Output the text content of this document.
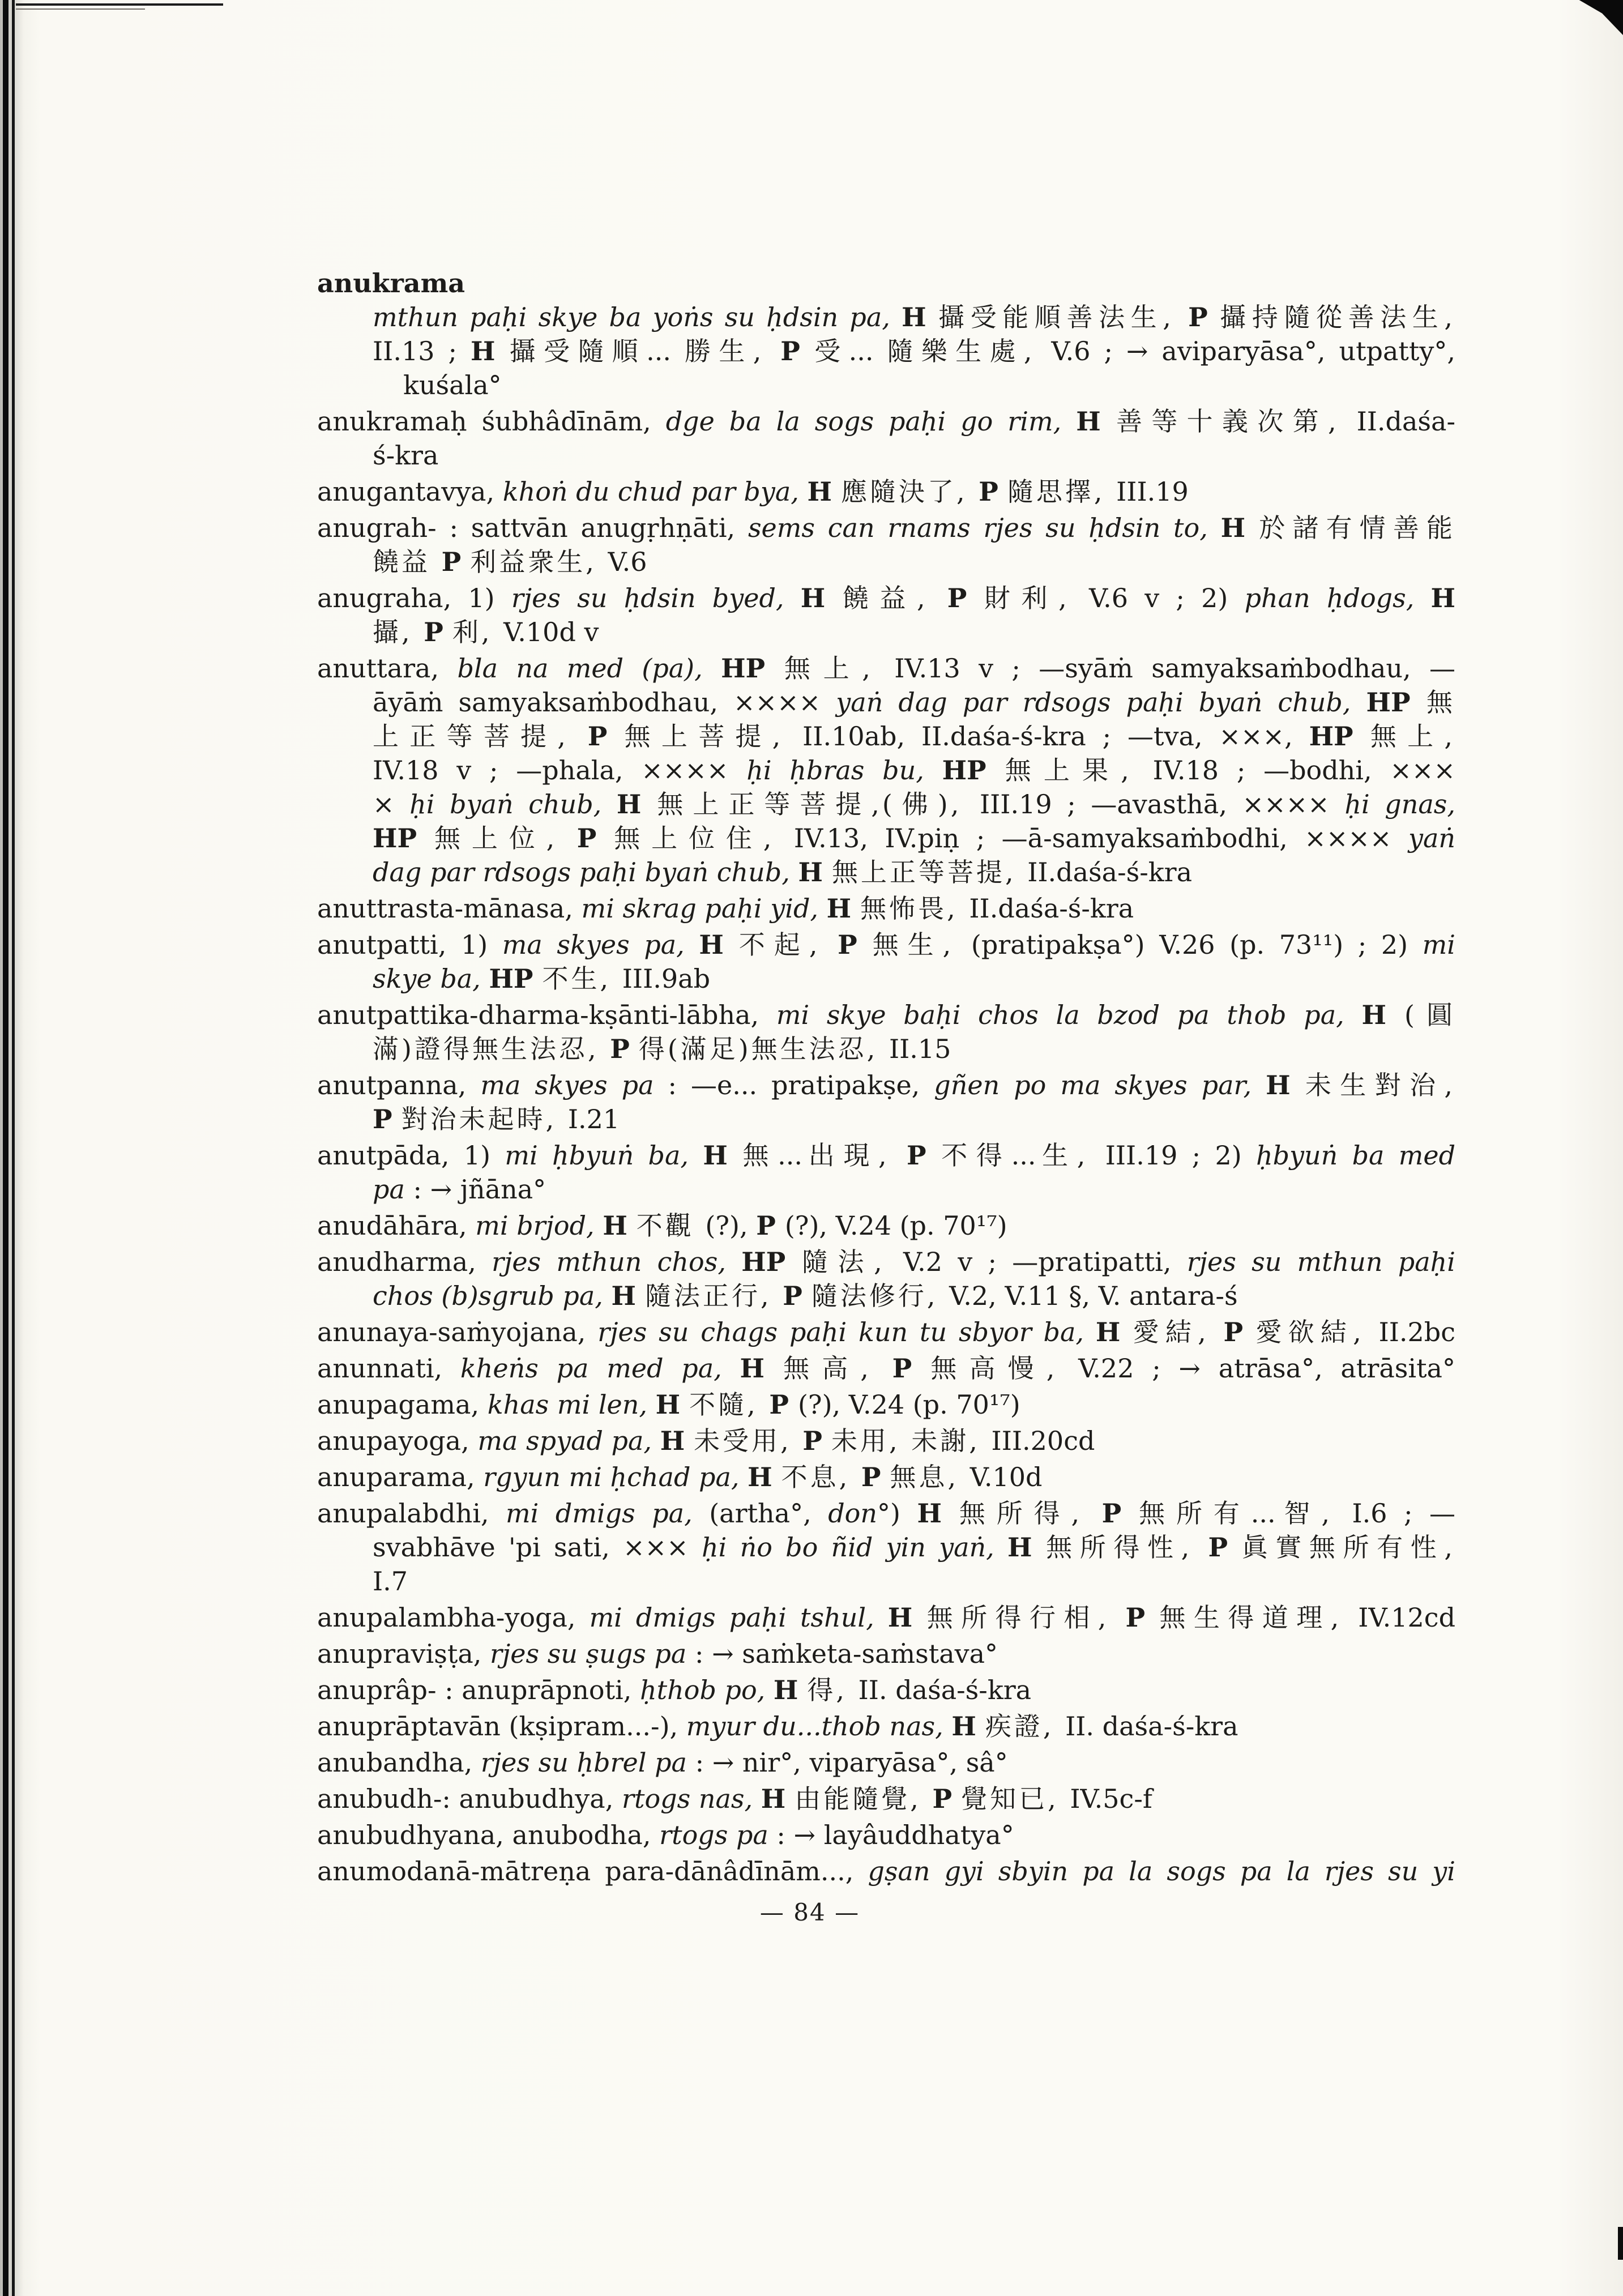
anukrama
mthun paḥi skye ba yoṅs su ḥdsin pa, H 攝受能順善法生, P 攝持隨從善法生,
II.13 ; H 攝受隨順... 勝生, P 受... 隨樂生處, V.6 ; → aviparyāsa°, utpatty°,
kuśala°
anukramaḥ śubhâdīnām, dge ba la sogs paḥi go rim, H 善等十義次第, II.daśa-
ś-kra
anugantavya, khoṅ du chud par bya, H 應隨決了, P 隨思擇, III.19
anugrah- : sattvān anugṛhṇāti, sems can rnams rjes su ḥdsin to, H 於諸有情善能
饒益 P 利益衆生, V.6
anugraha, 1) rjes su ḥdsin byed, H 饒益, P 財利, V.6 v ; 2) phan ḥdogs, H
攝, P 利, V.10d v
anuttara, bla na med (pa), HP 無上, IV.13 v ; —syāṁ samyaksaṁbodhau, —
āyāṁ samyaksaṁbodhau, ×××× yaṅ dag par rdsogs paḥi byaṅ chub, HP 無
上正等菩提, P 無上菩提, II.10ab, II.daśa-ś-kra ; —tva, ×××, HP 無上,
IV.18 v ; —phala, ×××× ḥi ḥbras bu, HP 無上果, IV.18 ; —bodhi, ×××
× ḥi byaṅ chub, H 無上正等菩提,(佛), III.19 ; —avasthā, ×××× ḥi gnas,
HP 無上位, P 無上位住, IV.13, IV.piṇ ; —ā-samyaksaṁbodhi, ×××× yaṅ
dag par rdsogs paḥi byaṅ chub, H 無上正等菩提, II.daśa-ś-kra
anuttrasta-mānasa, mi skrag paḥi yid, H 無怖畏, II.daśa-ś-kra
anutpatti, 1) ma skyes pa, H 不起, P 無生, (pratipakṣa°) V.26 (p. 73¹¹) ; 2) mi
skye ba, HP 不生, III.9ab
anutpattika-dharma-kṣānti-lābha, mi skye baḥi chos la bzod pa thob pa, H (圓
滿)證得無生法忍, P 得(滿足)無生法忍, II.15
anutpanna, ma skyes pa : —e... pratipakṣe, gñen po ma skyes par, H 未生對治,
P 對治未起時, I.21
anutpāda, 1) mi ḥbyuṅ ba, H 無...出現, P 不得...生, III.19 ; 2) ḥbyuṅ ba med
pa : → jñāna°
anudāhāra, mi brjod, H 不觀 (?), P (?), V.24 (p. 70¹⁷)
anudharma, rjes mthun chos, HP 隨法, V.2 v ; —pratipatti, rjes su mthun paḥi
chos (b)sgrub pa, H 隨法正行, P 隨法修行, V.2, V.11 §, V. antara-ś
anunaya-saṁyojana, rjes su chags paḥi kun tu sbyor ba, H 愛結, P 愛欲結, II.2bc
anunnati, kheṅs pa med pa, H 無高, P 無高慢, V.22 ; → atrāsa°, atrāsita°
anupagama, khas mi len, H 不隨, P (?), V.24 (p. 70¹⁷)
anupayoga, ma spyad pa, H 未受用, P 未用, 未謝, III.20cd
anuparama, rgyun mi ḥchad pa, H 不息, P 無息, V.10d
anupalabdhi, mi dmigs pa, (artha°, don°) H 無所得, P 無所有...智, I.6 ; —
svabhāve 'pi sati, ××× ḥi ṅo bo ñid yin yaṅ, H 無所得性, P 眞實無所有性,
I.7
anupalambha-yoga, mi dmigs paḥi tshul, H 無所得行相, P 無生得道理, IV.12cd
anupraviṣṭa, rjes su ṣugs pa : → saṁketa-saṁstava°
anuprâp- : anuprāpnoti, ḥthob po, H 得, II. daśa-ś-kra
anuprāptavān (kṣipram...-), myur du...thob nas, H 疾證, II. daśa-ś-kra
anubandha, rjes su ḥbrel pa : → nir°, viparyāsa°, sâ°
anubudh-: anubudhya, rtogs nas, H 由能隨覺, P 覺知已, IV.5c-f
anubudhyana, anubodha, rtogs pa : → layâuddhatya°
anumodanā-mātreṇa para-dānâdīnām..., gṣan gyi sbyin pa la sogs pa la rjes su yi
— 84 —
